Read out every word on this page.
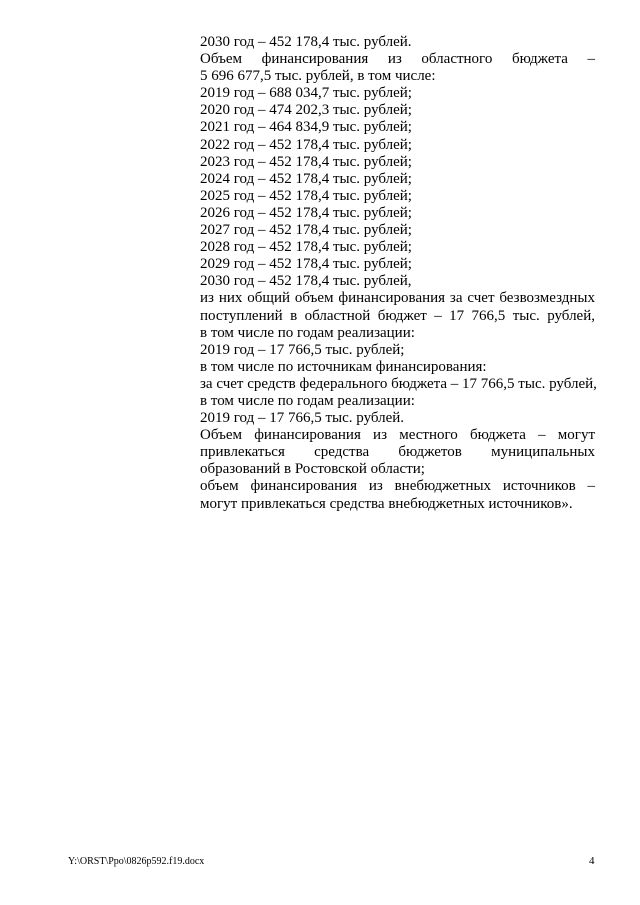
2030 год – 452 178,4 тыс. рублей.
Объем финансирования из областного бюджета –
5 696 677,5 тыс. рублей, в том числе:
2019 год – 688 034,7 тыс. рублей;
2020 год – 474 202,3 тыс. рублей;
2021 год – 464 834,9 тыс. рублей;
2022 год – 452 178,4 тыс. рублей;
2023 год – 452 178,4 тыс. рублей;
2024 год – 452 178,4 тыс. рублей;
2025 год – 452 178,4 тыс. рублей;
2026 год – 452 178,4 тыс. рублей;
2027 год – 452 178,4 тыс. рублей;
2028 год – 452 178,4 тыс. рублей;
2029 год – 452 178,4 тыс. рублей;
2030 год – 452 178,4 тыс. рублей,
из них общий объем финансирования за счет безвозмездных
поступлений в областной бюджет – 17 766,5 тыс. рублей,
в том числе по годам реализации:
2019 год – 17 766,5 тыс. рублей;
в том числе по источникам финансирования:
за счет средств федерального бюджета – 17 766,5 тыс. рублей,
в том числе по годам реализации:
2019 год – 17 766,5 тыс. рублей.
Объем финансирования из местного бюджета – могут
привлекаться средства бюджетов муниципальных
образований в Ростовской области;
объем финансирования из внебюджетных источников –
могут привлекаться средства внебюджетных источников».
Y:\ORST\Ppo\0826p592.f19.docx	4
